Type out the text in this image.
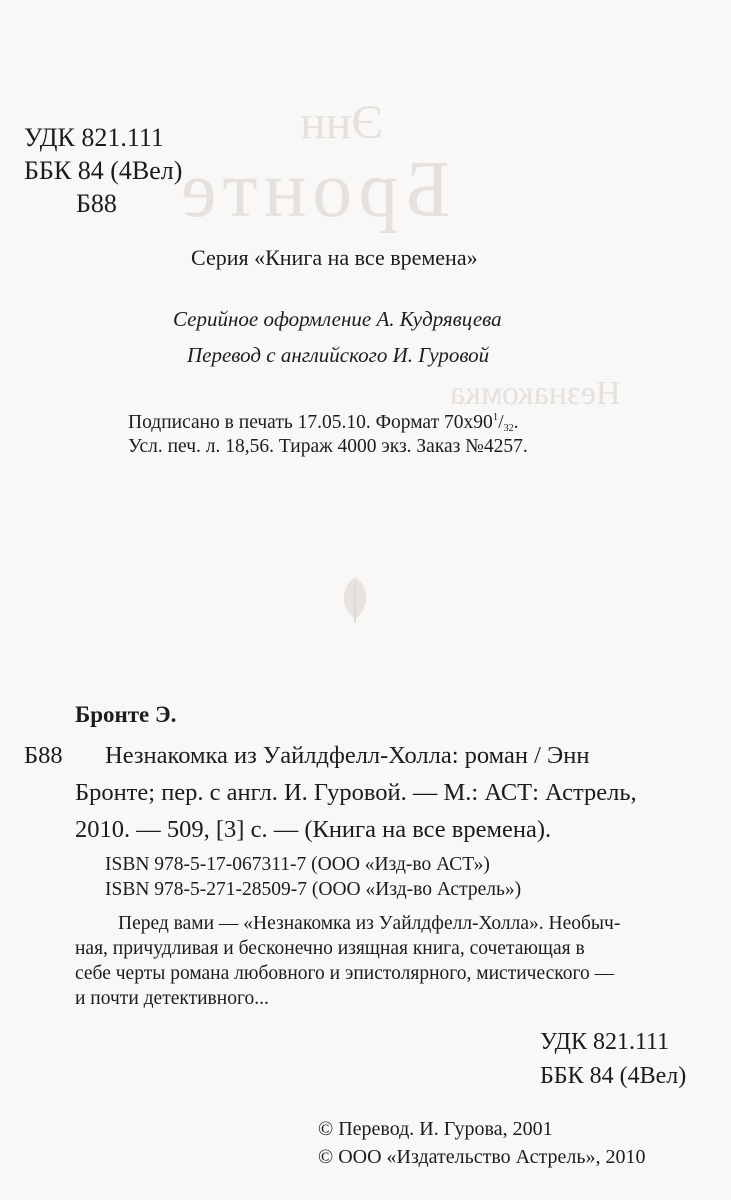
Энн
Бронте
Незнакомка
УДК 821.111
ББК 84 (4Вел)
Б88
Серия «Книга на все времена»
Серийное оформление А. Кудрявцева
Перевод с английского И. Гуровой
Подписано в печать 17.05.10. Формат $70х90^1/_{32}$.
Усл. печ. л. 18,56. Тираж 4000 экз. Заказ №4257.
Бронте Э.
Б88 Незнакомка из Уайлдфелл-Холла: роман / Энн
Бронте; пер. с англ. И. Гуровой. — М.: АСТ: Астрель,
2010. — 509, [3] с. — (Книга на все времена).
ISBN 978-5-17-067311-7 (ООО «Изд-во АСТ»)
ISBN 978-5-271-28509-7 (ООО «Изд-во Астрель»)
Перед вами — «Незнакомка из Уайлдфелл-Холла». Необыч-
ная, причудливая и бесконечно изящная книга, сочетающая в
себе черты романа любовного и эпистолярного, мистического —
и почти детективного...
УДК 821.111
ББК 84 (4Вел)
© Перевод. И. Гурова, 2001
© ООО «Издательство Астрель», 2010
